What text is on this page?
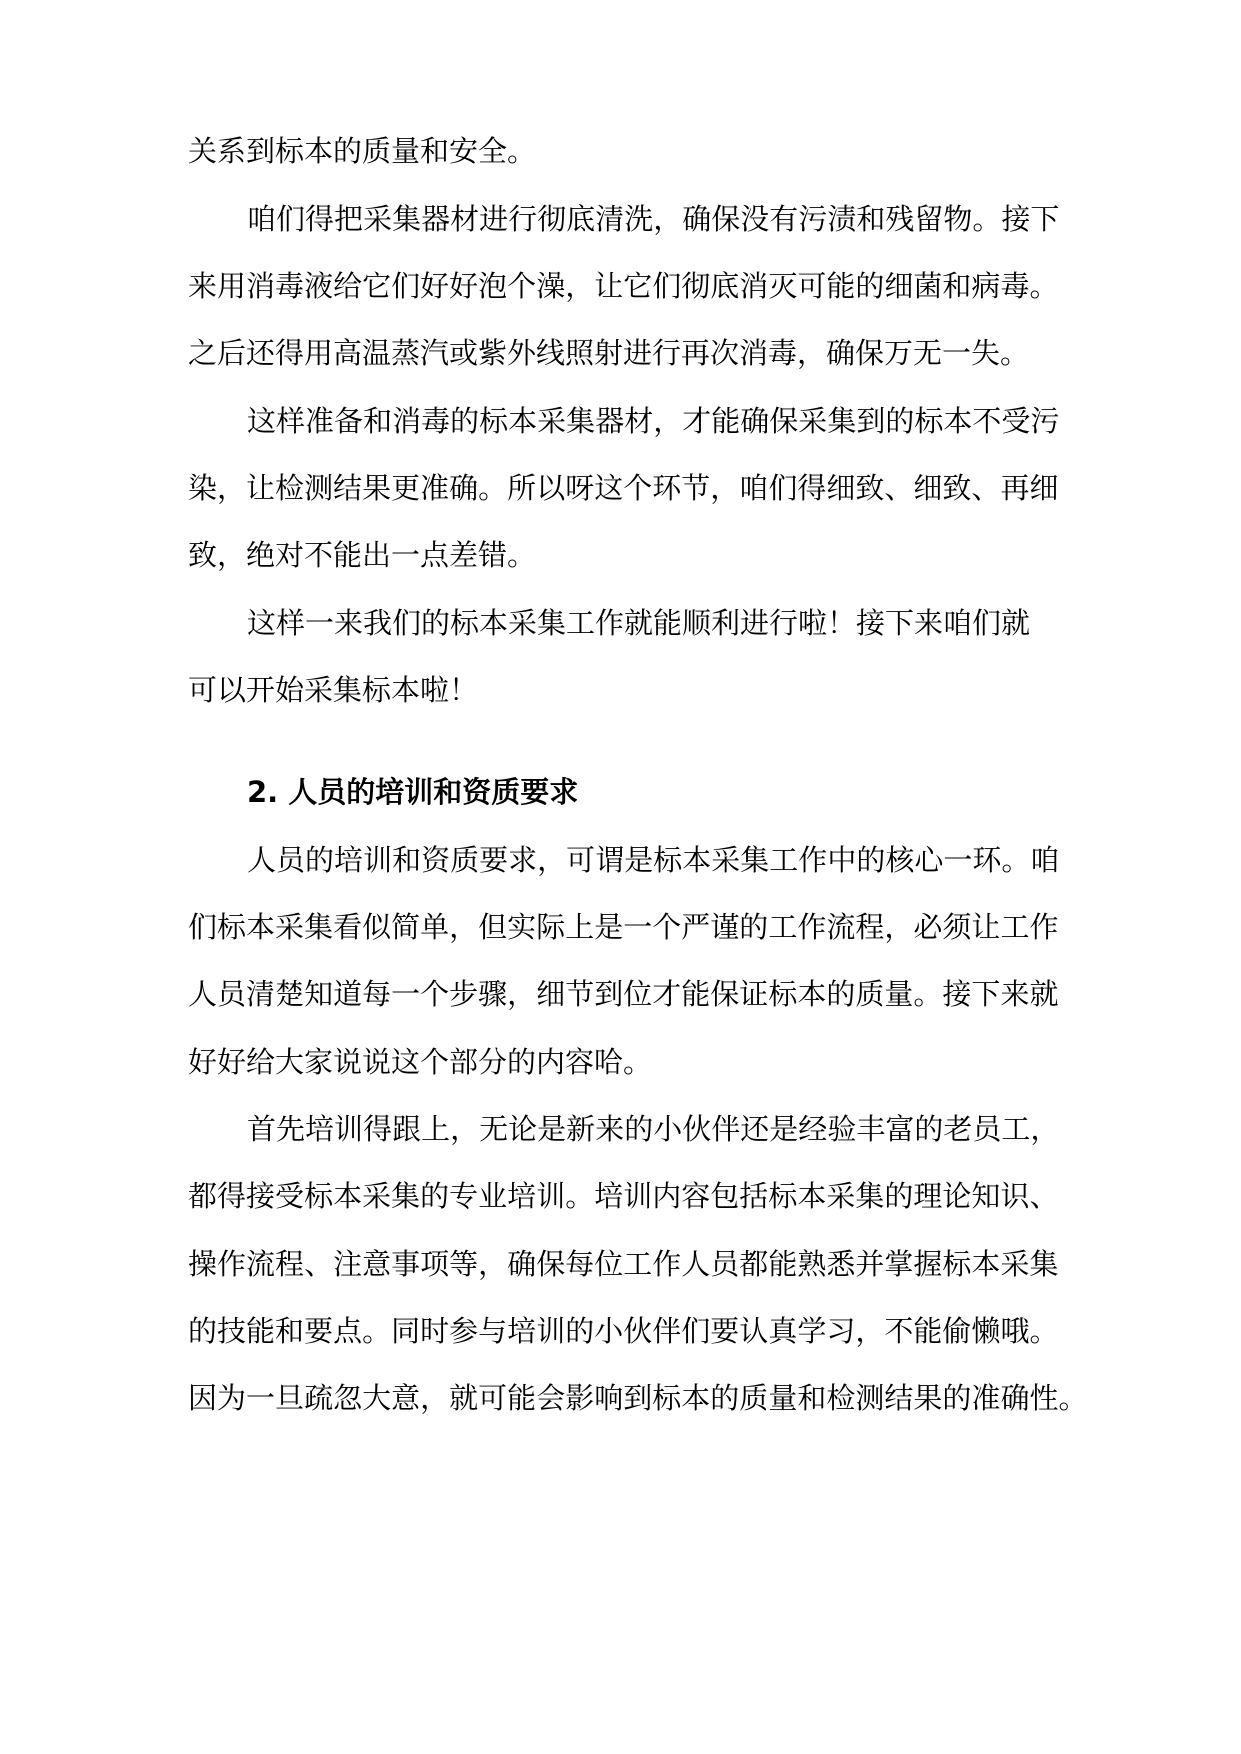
关系到标本的质量和安全。
咱 们 得 把 采 集 器 材 进 行 彻 底 清 洗 ， 确 保 没 有 污 渍 和 残 留 物 。 接 下
来 用 消 毒 液 给 它 们 好 好 泡 个 澡 ， 让 它 们 彻 底 消 灭 可 能 的 细 菌 和 病 毒 。
之后还得用高温蒸汽或紫外线照射进行再次消毒，确保万无一失。
这 样 准 备 和 消 毒 的 标 本 采 集 器 材 ， 才 能 确 保 采 集 到 的 标 本 不 受 污
染 ， 让 检 测 结 果 更 准 确 。 所 以 呀 这 个 环 节 ， 咱 们 得 细 致 、 细 致 、 再 细
致，绝对不能出一点差错。
这样一来我们的标本采集工作就能顺利进行啦！接下来咱们就
可以开始采集标本啦！
2. 人员的培训和资质要求
人 员 的 培 训 和 资 质 要 求 ， 可 谓 是 标 本 采 集 工 作 中 的 核 心 一 环 。 咱
们 标 本 采 集 看 似 简 单 ， 但 实 际 上 是 一 个 严 谨 的 工 作 流 程 ， 必 须 让 工 作
人 员 清 楚 知 道 每 一 个 步 骤 ， 细 节 到 位 才 能 保 证 标 本 的 质 量 。 接 下 来 就
好好给大家说说这个部分的内容哈。
首 先 培 训 得 跟 上 ， 无 论 是 新 来 的 小 伙 伴 还 是 经 验 丰 富 的 老 员 工 ，
都 得 接 受 标 本 采 集 的 专 业 培 训 。 培 训 内 容 包 括 标 本 采 集 的 理 论 知 识 、
操 作 流 程 、 注 意 事 项 等 ， 确 保 每 位 工 作 人 员 都 能 熟 悉 并 掌 握 标 本 采 集
的 技 能 和 要 点 。 同 时 参 与 培 训 的 小 伙 伴 们 要 认 真 学 习 ， 不 能 偷 懒 哦 。
因 为 一 旦 疏 忽 大 意 ， 就 可 能 会 影 响 到 标 本 的 质 量 和 检 测 结 果 的 准 确 性 。
